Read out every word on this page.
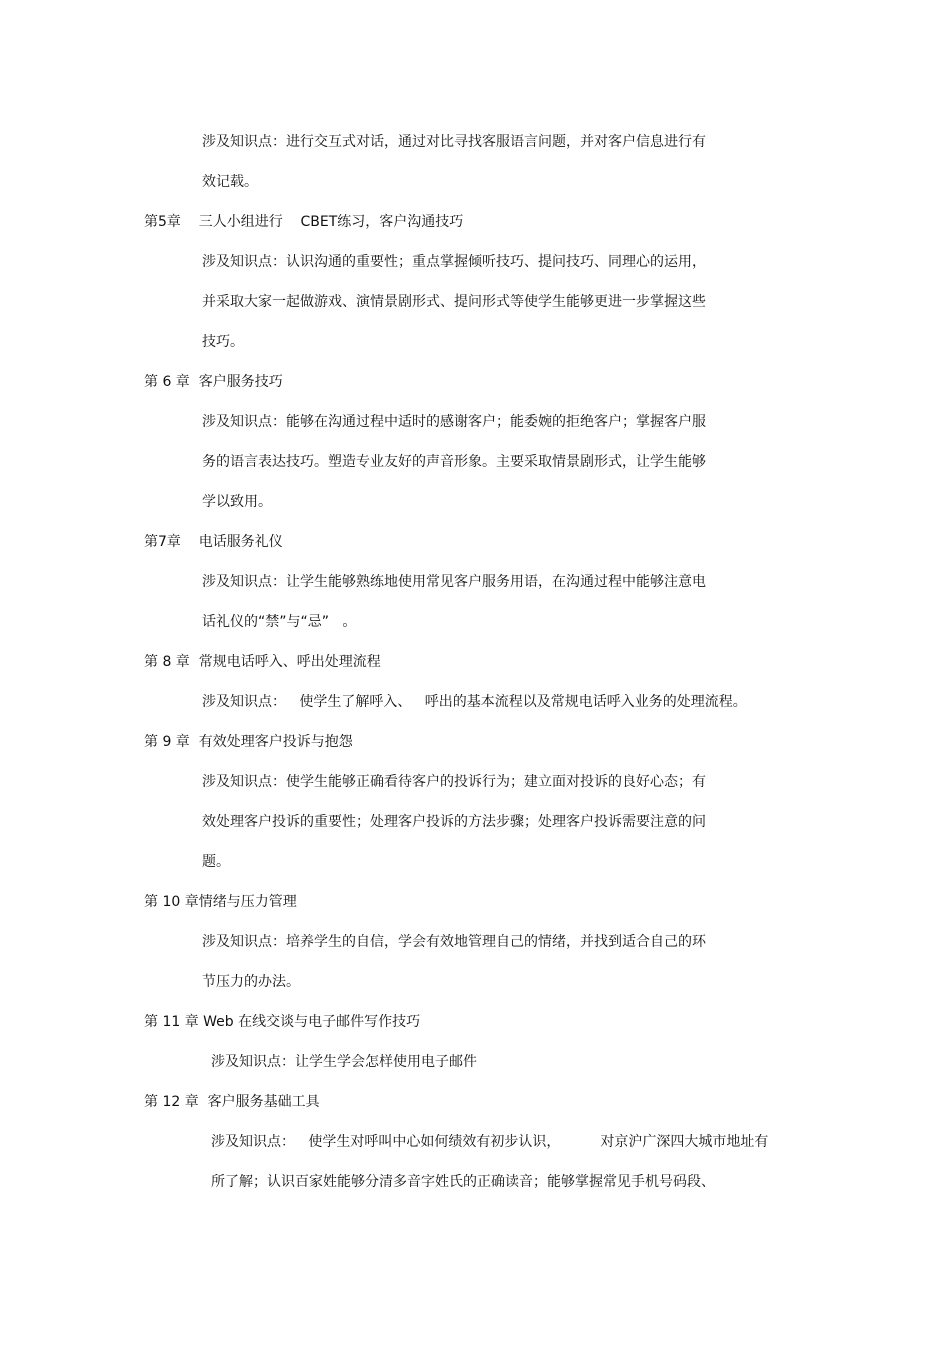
涉及知识点：进行交互式对话，通过对比寻找客服语言问题，并对客户信息进行有

效记载。

第5章    三人小组进行    CBET练习，客户沟通技巧

涉及知识点：认识沟通的重要性；重点掌握倾听技巧、提问技巧、同理心的运用，

并采取大家一起做游戏、演情景剧形式、提问形式等使学生能够更进一步掌握这些

技巧。

第 6 章  客户服务技巧

涉及知识点：能够在沟通过程中适时的感谢客户；能委婉的拒绝客户；掌握客户服

务的语言表达技巧。塑造专业友好的声音形象。主要采取情景剧形式，让学生能够

学以致用。

第7章    电话服务礼仪

涉及知识点：让学生能够熟练地使用常见客户服务用语，在沟通过程中能够注意电

话礼仪的“禁”与“忌”   。

第 8 章  常规电话呼入、呼出处理流程

涉及知识点：   使学生了解呼入、   呼出的基本流程以及常规电话呼入业务的处理流程。

第 9 章  有效处理客户投诉与抱怨

涉及知识点：使学生能够正确看待客户的投诉行为；建立面对投诉的良好心态；有

效处理客户投诉的重要性；处理客户投诉的方法步骤；处理客户投诉需要注意的问

题。

第 10 章情绪与压力管理

涉及知识点：培养学生的自信，学会有效地管理自己的情绪，并找到适合自己的环

节压力的办法。

第 11 章 Web 在线交谈与电子邮件写作技巧

涉及知识点：让学生学会怎样使用电子邮件

第 12 章  客户服务基础工具

涉及知识点：   使学生对呼叫中心如何绩效有初步认识，         对京沪广深四大城市地址有

所了解；认识百家姓能够分清多音字姓氏的正确读音；能够掌握常见手机号码段、
